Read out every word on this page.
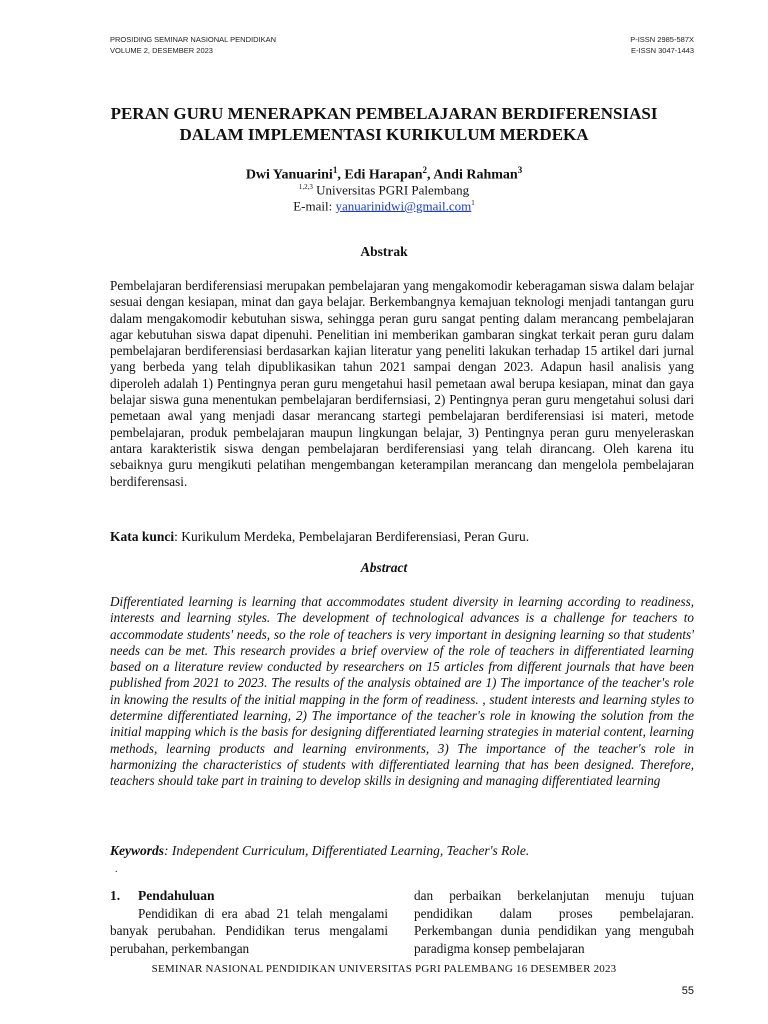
PROSIDING SEMINAR NASIONAL PENDIDIKAN
VOLUME 2, DESEMBER 2023
P-ISSN 2985-587X
E-ISSN 3047-1443
PERAN GURU MENERAPKAN PEMBELAJARAN BERDIFERENSIASI
DALAM IMPLEMENTASI KURIKULUM MERDEKA
Dwi Yanuarini$^1$, Edi Harapan$^2$, Andi Rahman$^3$
$^{1,2,3}$ Universitas PGRI Palembang
E-mail: yanuarinidwi@gmail.com$^1$
Abstrak
Pembelajaran berdiferensiasi merupakan pembelajaran yang mengakomodir keberagaman siswa dalam belajar sesuai dengan kesiapan, minat dan gaya belajar. Berkembangnya kemajuan teknologi menjadi tantangan guru dalam mengakomodir kebutuhan siswa, sehingga peran guru sangat penting dalam merancang pembelajaran agar kebutuhan siswa dapat dipenuhi. Penelitian ini memberikan gambaran singkat terkait peran guru dalam pembelajaran berdiferensiasi berdasarkan kajian literatur yang peneliti lakukan terhadap 15 artikel dari jurnal yang berbeda yang telah dipublikasikan tahun 2021 sampai dengan 2023. Adapun hasil analisis yang diperoleh adalah 1) Pentingnya peran guru mengetahui hasil pemetaan awal berupa kesiapan, minat dan gaya belajar siswa guna menentukan pembelajaran berdifernsiasi, 2) Pentingnya peran guru mengetahui solusi dari pemetaan awal yang menjadi dasar merancang startegi pembelajaran berdiferensiasi isi materi, metode pembelajaran, produk pembelajaran maupun lingkungan belajar, 3) Pentingnya peran guru menyeleraskan antara karakteristik siswa dengan pembelajaran berdiferensiasi yang telah dirancang. Oleh karena itu sebaiknya guru mengikuti pelatihan mengembangan keterampilan merancang dan mengelola pembelajaran berdiferensasi.
Kata kunci: Kurikulum Merdeka, Pembelajaran Berdiferensiasi, Peran Guru.
Abstract
Differentiated learning is learning that accommodates student diversity in learning according to readiness, interests and learning styles. The development of technological advances is a challenge for teachers to accommodate students' needs, so the role of teachers is very important in designing learning so that students' needs can be met. This research provides a brief overview of the role of teachers in differentiated learning based on a literature review conducted by researchers on 15 articles from different journals that have been published from 2021 to 2023. The results of the analysis obtained are 1) The importance of the teacher's role in knowing the results of the initial mapping in the form of readiness. , student interests and learning styles to determine differentiated learning, 2) The importance of the teacher's role in knowing the solution from the initial mapping which is the basis for designing differentiated learning strategies in material content, learning methods, learning products and learning environments, 3) The importance of the teacher's role in harmonizing the characteristics of students with differentiated learning that has been designed. Therefore, teachers should take part in training to develop skills in designing and managing differentiated learning
Keywords: Independent Curriculum, Differentiated Learning, Teacher's Role.
.
1. Pendahuluan
Pendidikan di era abad 21 telah mengalami banyak perubahan. Pendidikan terus mengalami perubahan, perkembangan
dan perbaikan berkelanjutan menuju tujuan pendidikan dalam proses pembelajaran. Perkembangan dunia pendidikan yang mengubah paradigma konsep pembelajaran
SEMINAR NASIONAL PENDIDIKAN UNIVERSITAS PGRI PALEMBANG 16 DESEMBER 2023
55
